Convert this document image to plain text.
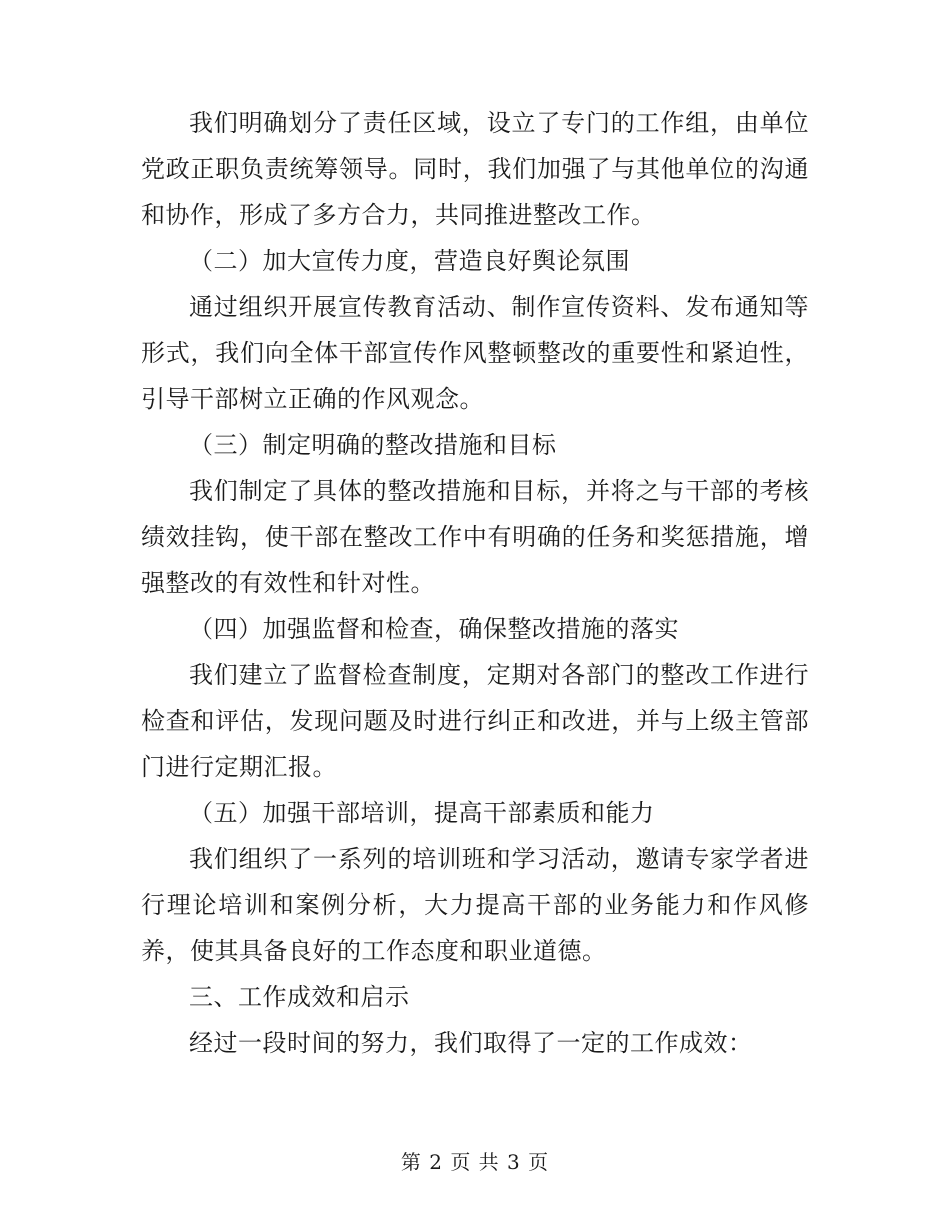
我们明确划分了责任区域，设立了专门的工作组，由单位党政正职负责统筹领导。同时，我们加强了与其他单位的沟通和协作，形成了多方合力，共同推进整改工作。

（二）加大宣传力度，营造良好舆论氛围

通过组织开展宣传教育活动、制作宣传资料、发布通知等形式，我们向全体干部宣传作风整顿整改的重要性和紧迫性，引导干部树立正确的作风观念。

（三）制定明确的整改措施和目标

我们制定了具体的整改措施和目标，并将之与干部的考核绩效挂钩，使干部在整改工作中有明确的任务和奖惩措施，增强整改的有效性和针对性。

（四）加强监督和检查，确保整改措施的落实

我们建立了监督检查制度，定期对各部门的整改工作进行检查和评估，发现问题及时进行纠正和改进，并与上级主管部门进行定期汇报。

（五）加强干部培训，提高干部素质和能力

我们组织了一系列的培训班和学习活动，邀请专家学者进行理论培训和案例分析，大力提高干部的业务能力和作风修养，使其具备良好的工作态度和职业道德。

三、工作成效和启示

经过一段时间的努力，我们取得了一定的工作成效：

第 2 页 共 3 页
